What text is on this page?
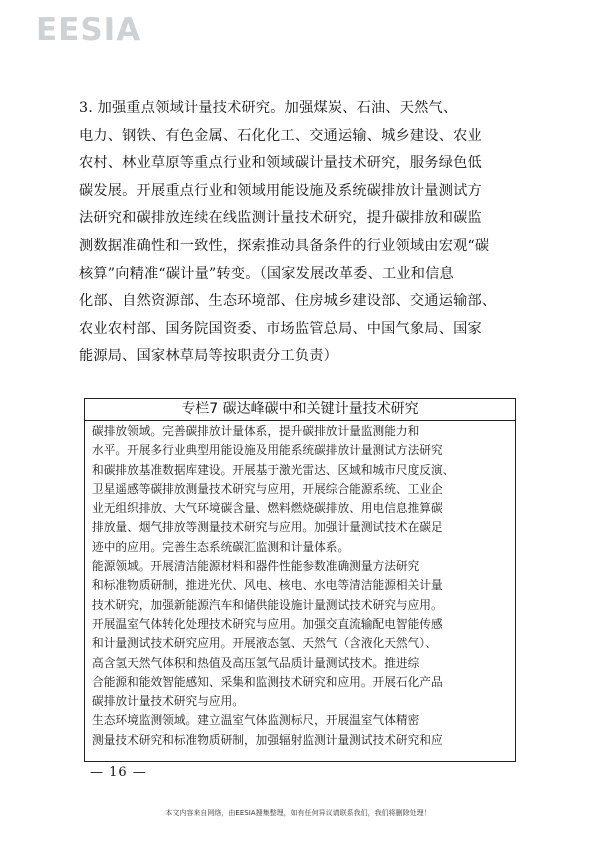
EESIA

3. 加强重点领域计量技术研究。加强煤炭、石油、天然气、
电力、钢铁、有色金属、石化化工、交通运输、城乡建设、农业
农村、林业草原等重点行业和领域碳计量技术研究，服务绿色低
碳发展。开展重点行业和领域用能设施及系统碳排放计量测试方
法研究和碳排放连续在线监测计量技术研究，提升碳排放和碳监
测数据准确性和一致性，探索推动具备条件的行业领域由宏观“碳
核算”向精准“碳计量”转变。（国家发展改革委、工业和信息
化部、自然资源部、生态环境部、住房城乡建设部、交通运输部、
农业农村部、国务院国资委、市场监管总局、中国气象局、国家
能源局、国家林草局等按职责分工负责）

专栏7 碳达峰碳中和关键计量技术研究
碳排放领域。完善碳排放计量体系，提升碳排放计量监测能力和
水平。开展多行业典型用能设施及用能系统碳排放计量测试方法研究
和碳排放基准数据库建设。开展基于激光雷达、区域和城市尺度反演、
卫星遥感等碳排放测量技术研究与应用，开展综合能源系统、工业企
业无组织排放、大气环境碳含量、燃料燃烧碳排放、用电信息推算碳
排放量、烟气排放等测量技术研究与应用。加强计量测试技术在碳足
迹中的应用。完善生态系统碳汇监测和计量体系。
能源领域。开展清洁能源材料和器件性能参数准确测量方法研究
和标准物质研制，推进光伏、风电、核电、水电等清洁能源相关计量
技术研究，加强新能源汽车和储供能设施计量测试技术研究与应用。
开展温室气体转化处理技术研究与应用。加强交直流输配电智能传感
和计量测试技术研究应用。开展液态氢、天然气（含液化天然气）、
高含氢天然气体积和热值及高压氢气品质计量测试技术。推进综
合能源和能效智能感知、采集和监测技术研究和应用。开展石化产品
碳排放计量技术研究与应用。
生态环境监测领域。建立温室气体监测标尺，开展温室气体精密
测量技术研究和标准物质研制，加强辐射监测计量测试技术研究和应
— 16 —
本文内容来自网络，由EESIA搜集整理，如有任何异议请联系我们，我们将删除处理！
